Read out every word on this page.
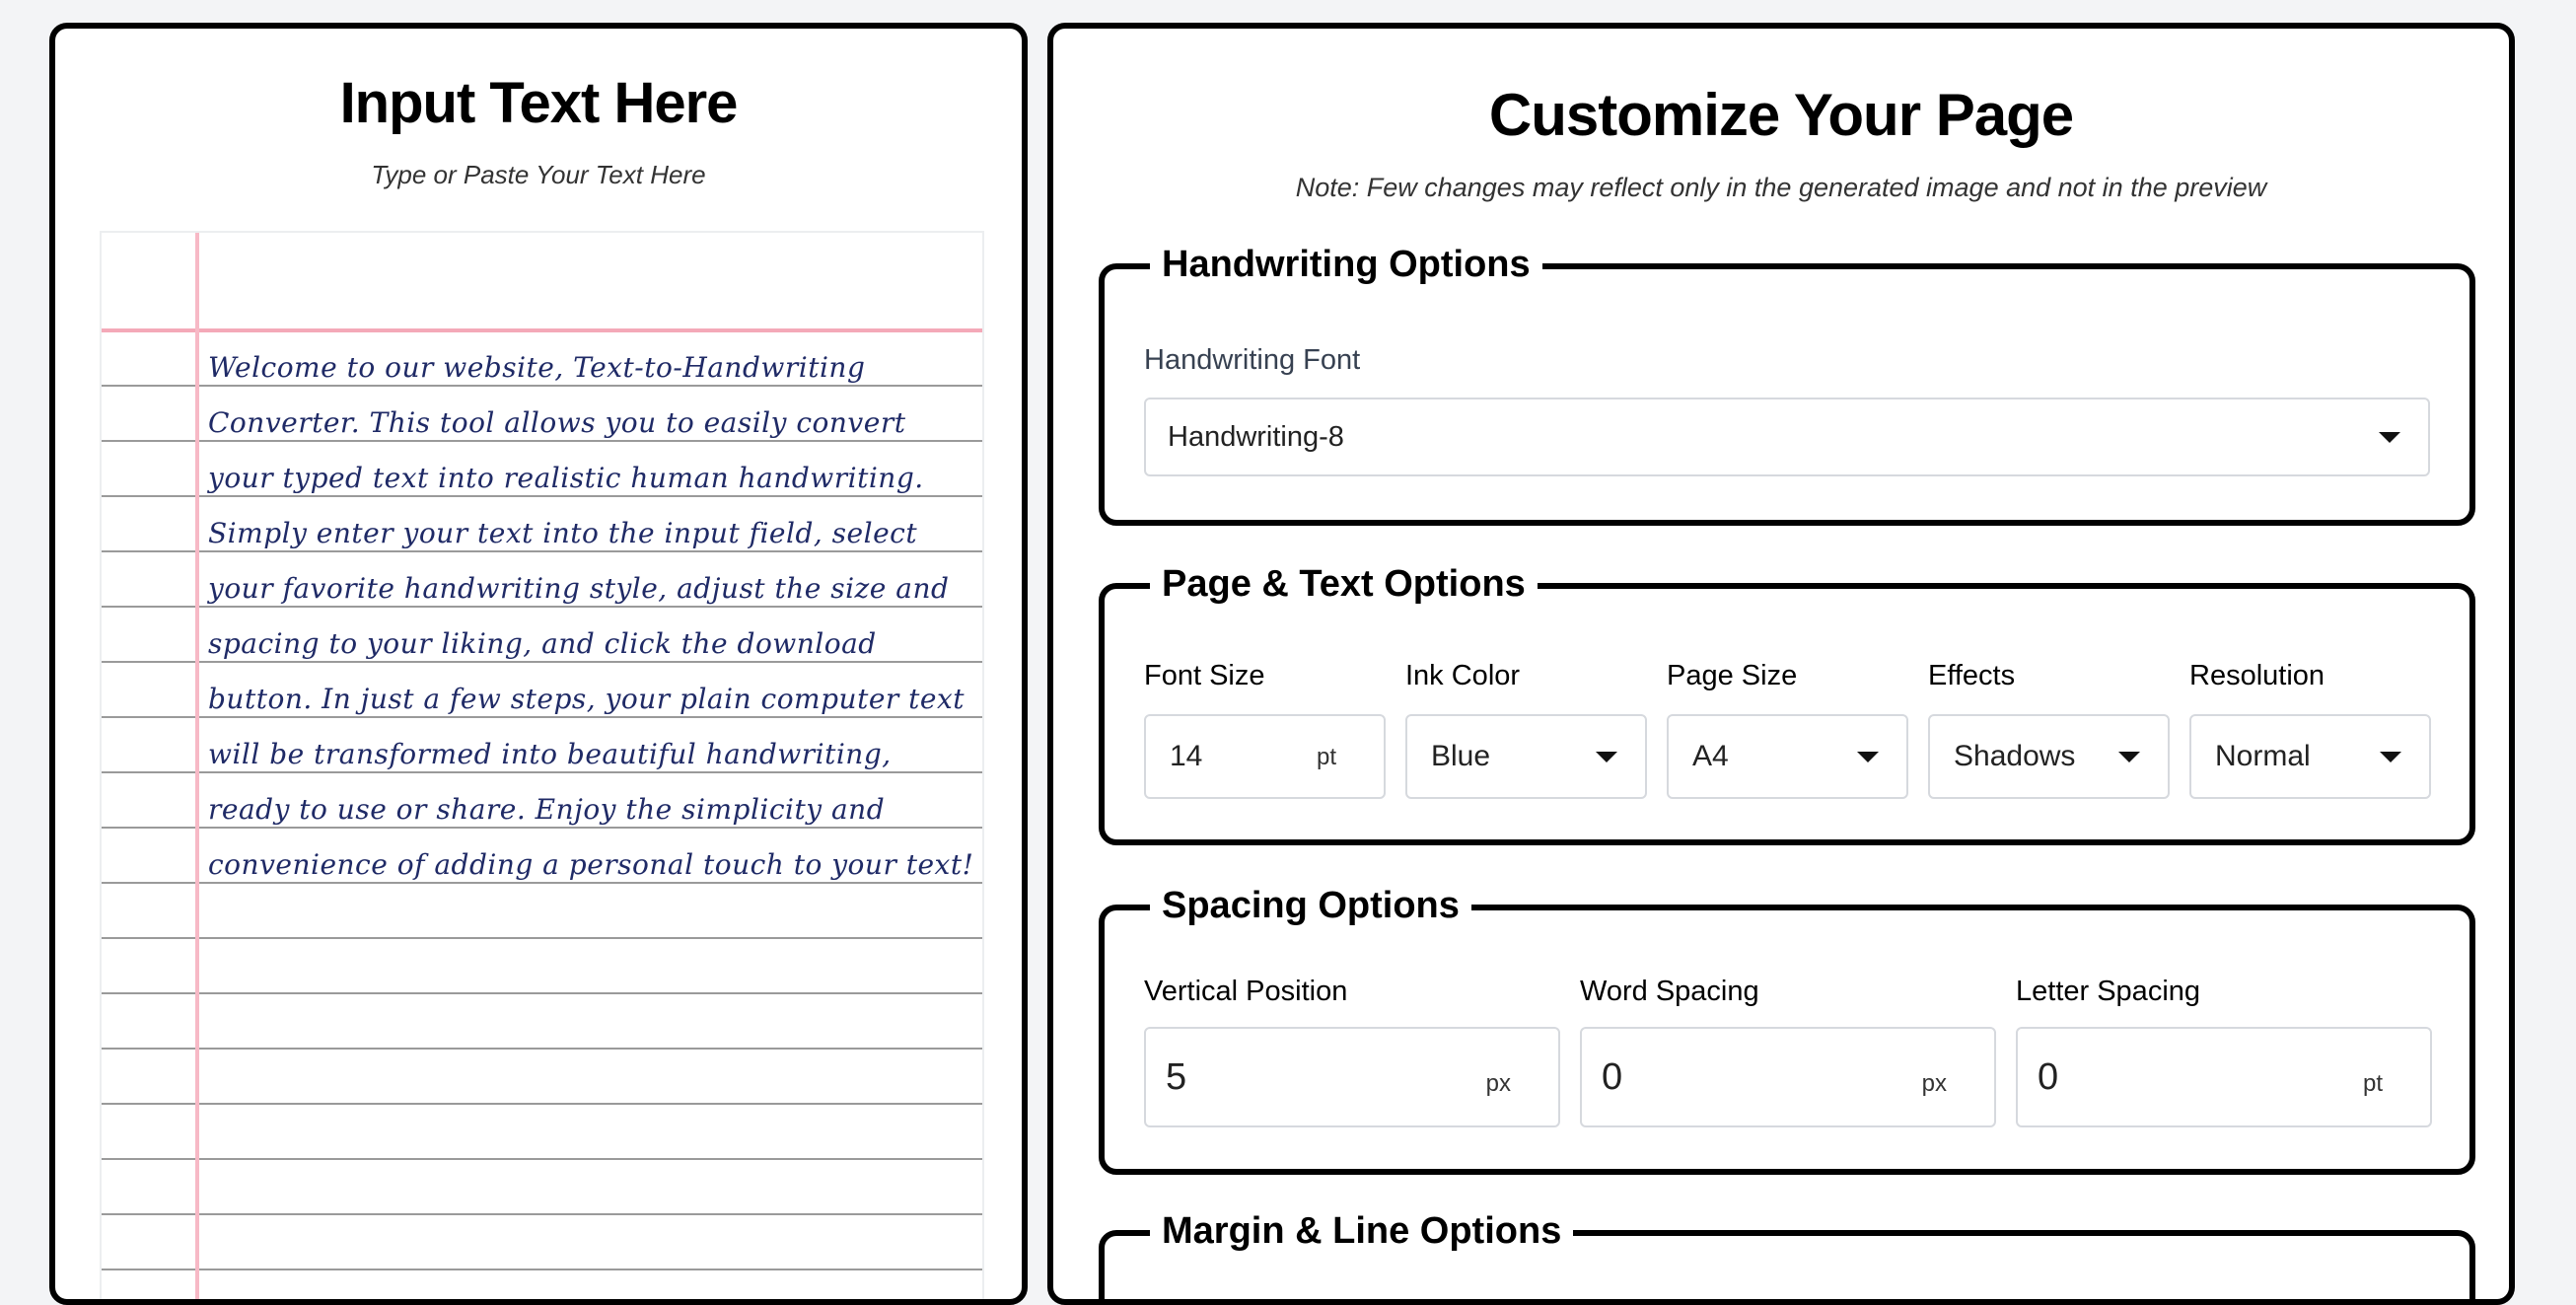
Input Text Here
Type or Paste Your Text Here

Welcome to our website, Text-to-Handwriting Converter. This tool allows you to easily convert your typed text into realistic human handwriting. Simply enter your text into the input field, select your favorite handwriting style, adjust the size and spacing to your liking, and click the download button. In just a few steps, your plain computer text will be transformed into beautiful handwriting, ready to use or share. Enjoy the simplicity and convenience of adding a personal touch to your text!

Customize Your Page
Note: Few changes may reflect only in the generated image and not in the preview
Handwriting Options
Handwriting Font
Handwriting-8
Page & Text Options
Font Size
14	pt
Ink Color
Blue
Page Size
A4
Effects
Shadows
Resolution
Normal
Spacing Options
Vertical Position
5	px
Word Spacing
0	px
Letter Spacing
0	pt
Margin & Line Options
